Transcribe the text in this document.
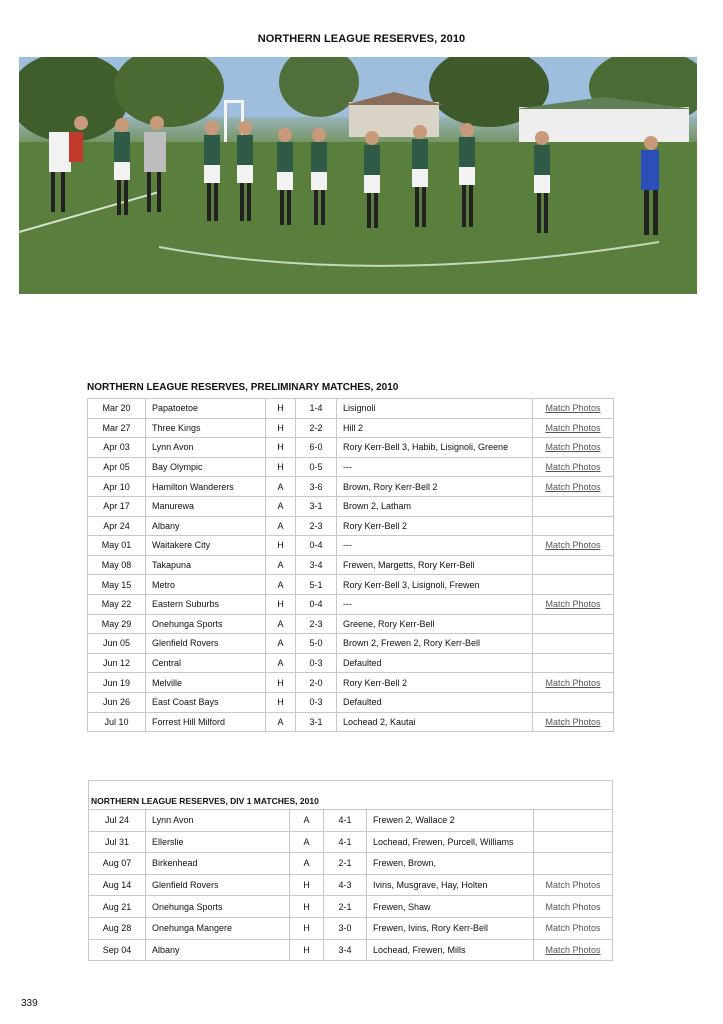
NORTHERN LEAGUE RESERVES, 2010
NORTHERN LEAGUE RESERVES, PRELIMINARY MATCHES, 2010
Mar 20	Papatoetoe	H	1-4	Lisignoli	Match Photos
Mar 27	Three Kings	H	2-2	Hill 2	Match Photos
Apr 03	Lynn Avon	H	6-0	Rory Kerr-Bell 3, Habib, Lisignoli, Greene	Match Photos
Apr 05	Bay Olympic	H	0-5	---	Match Photos
Apr 10	Hamilton Wanderers	A	3-6	Brown, Rory Kerr-Bell 2	Match Photos
Apr 17	Manurewa	A	3-1	Brown 2, Latham	
Apr 24	Albany	A	2-3	Rory Kerr-Bell 2	
May 01	Waitakere City	H	0-4	---	Match Photos
May 08	Takapuna	A	3-4	Frewen, Margetts, Rory Kerr-Bell	
May 15	Metro	A	5-1	Rory Kerr-Bell 3, Lisignoli, Frewen	
May 22	Eastern Suburbs	H	0-4	---	Match Photos
May 29	Onehunga Sports	A	2-3	Greene, Rory Kerr-Bell	
Jun 05	Glenfield Rovers	A	5-0	Brown 2, Frewen 2, Rory Kerr-Bell	
Jun 12	Central	A	0-3	Defaulted	
Jun 19	Melville	H	2-0	Rory Kerr-Bell 2	Match Photos
Jun 26	East Coast Bays	H	0-3	Defaulted	
Jul 10	Forrest Hill Milford	A	3-1	Lochead 2, Kautai	Match Photos
NORTHERN LEAGUE RESERVES, DIV 1 MATCHES, 2010					
Jul 24	Lynn Avon	A	4-1	Frewen 2, Wallace 2	
Jul 31	Ellerslie	A	4-1	Lochead, Frewen, Purcell, Williams	
Aug 07	Birkenhead	A	2-1	Frewen, Brown,	
Aug 14	Glenfield Rovers	H	4-3	Ivins, Musgrave, Hay, Holten	Match Photos
Aug 21	Onehunga Sports	H	2-1	Frewen, Shaw	Match Photos
Aug 28	Onehunga Mangere	H	3-0	Frewen, Ivins, Rory Kerr-Bell	Match Photos
Sep 04	Albany	H	3-4	Lochead, Frewen, Mills	Match Photos
339
